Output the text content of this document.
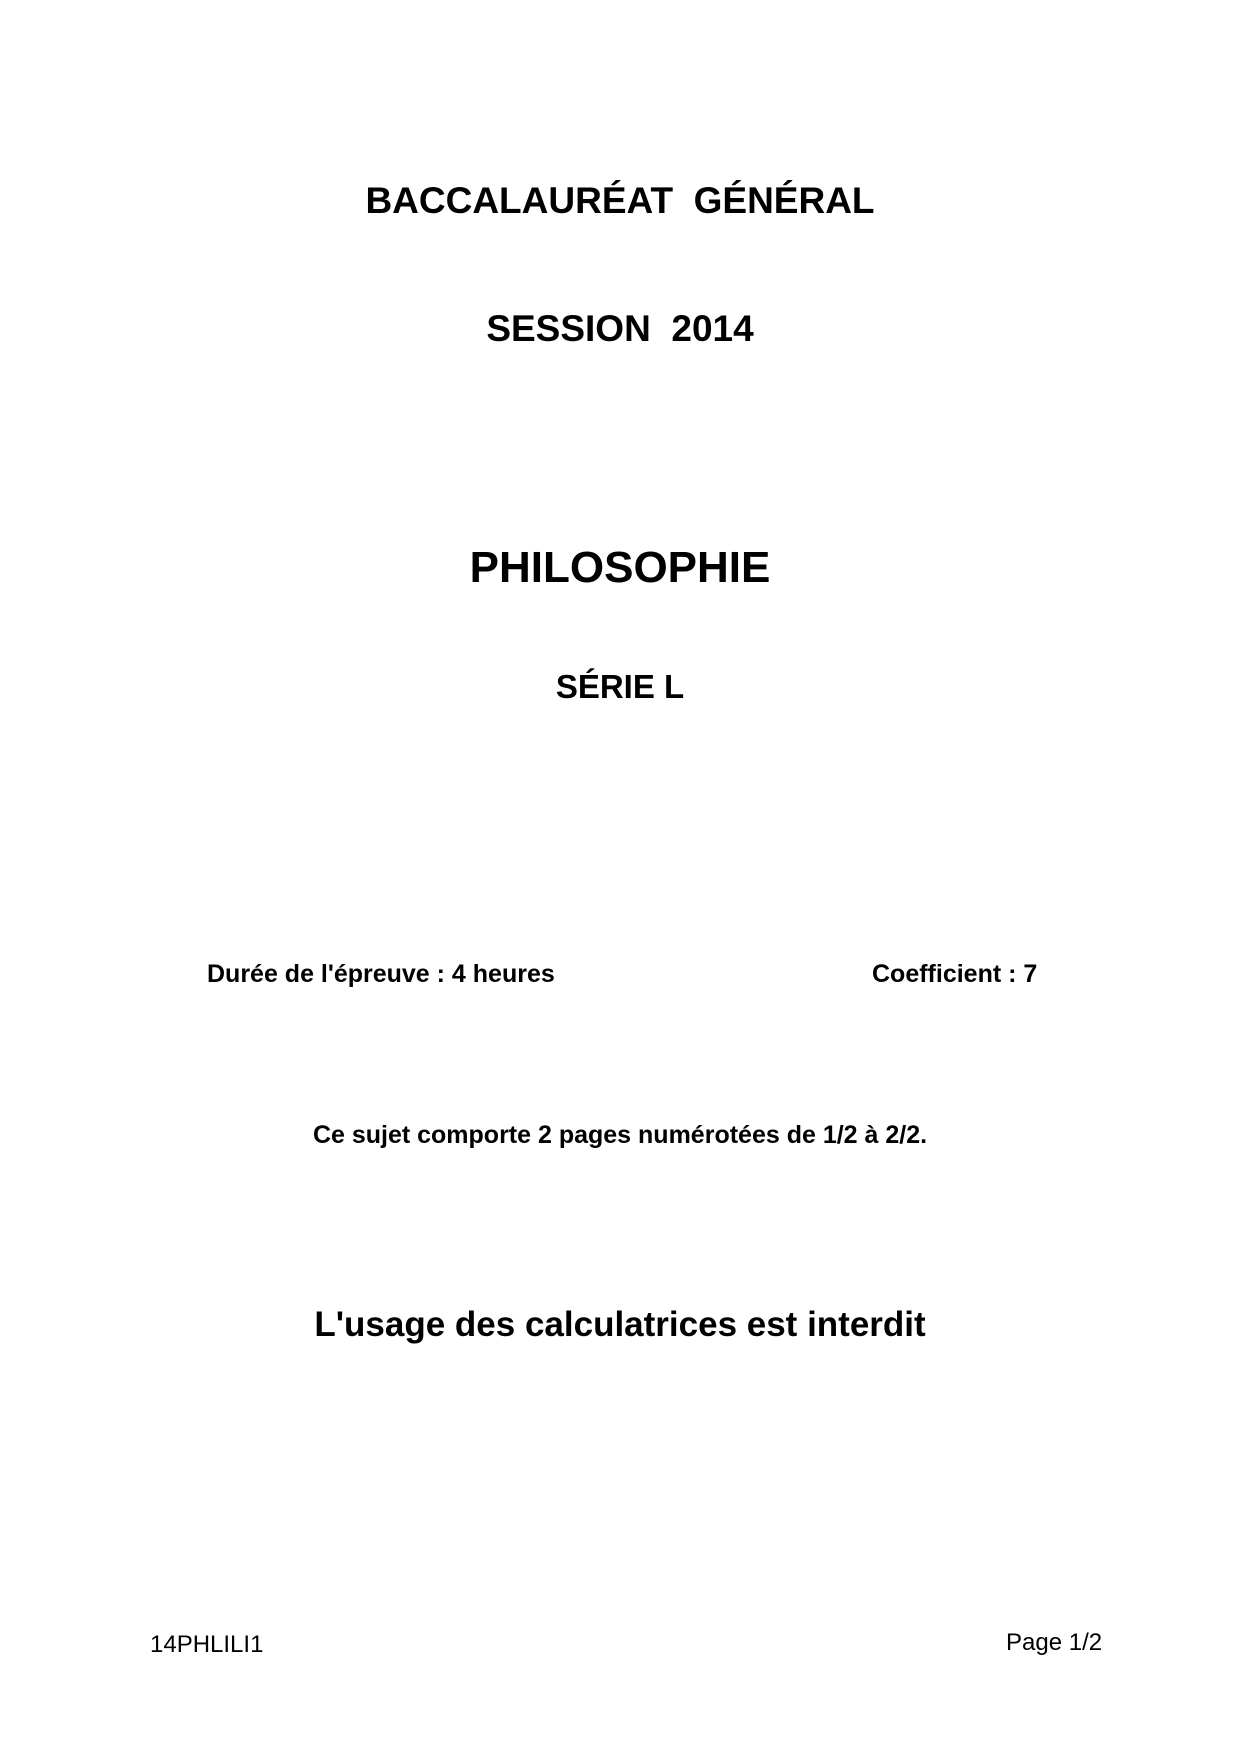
BACCALAURÉAT  GÉNÉRAL
SESSION  2014
PHILOSOPHIE
SÉRIE L
Durée de l'épreuve : 4 heures	Coefficient : 7
Ce sujet comporte 2 pages numérotées de 1/2 à 2/2.
L'usage des calculatrices est interdit
14PHLILI1	Page 1/2
